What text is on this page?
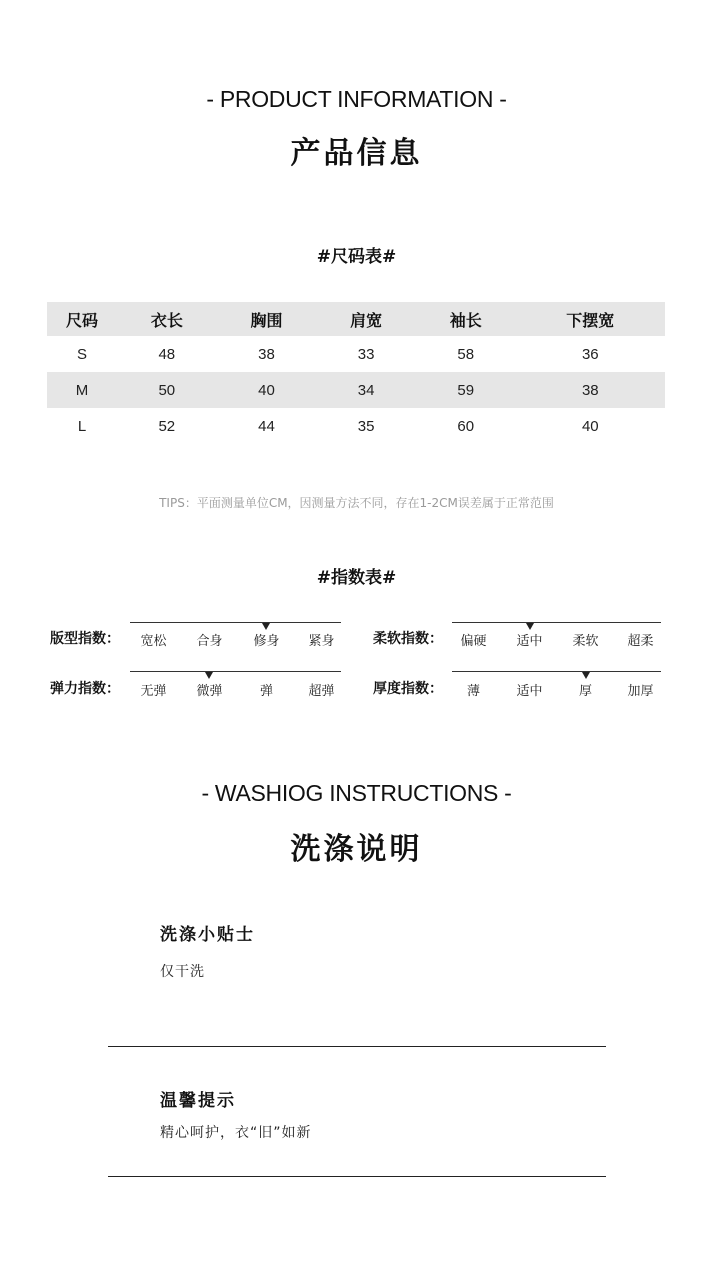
- PRODUCT INFORMATION -
产品信息
#尺码表#
尺码	衣长	胸围	肩宽	袖长	下摆宽
S	48	38	33	58	36
M	50	40	34	59	38
L	52	44	35	60	40
TIPS：平面测量单位CM，因测量方法不同，存在1-2CM误差属于正常范围
#指数表#
版型指数：	宽松	合身	修身	紧身	柔软指数：	偏硬	适中	柔软	超柔
弹力指数：	无弹	微弹	弹	超弹	厚度指数：	薄	适中	厚	加厚
- WASHIOG INSTRUCTIONS -
洗涤说明
洗涤小贴士
仅干洗
温馨提示
精心呵护，衣“旧”如新
